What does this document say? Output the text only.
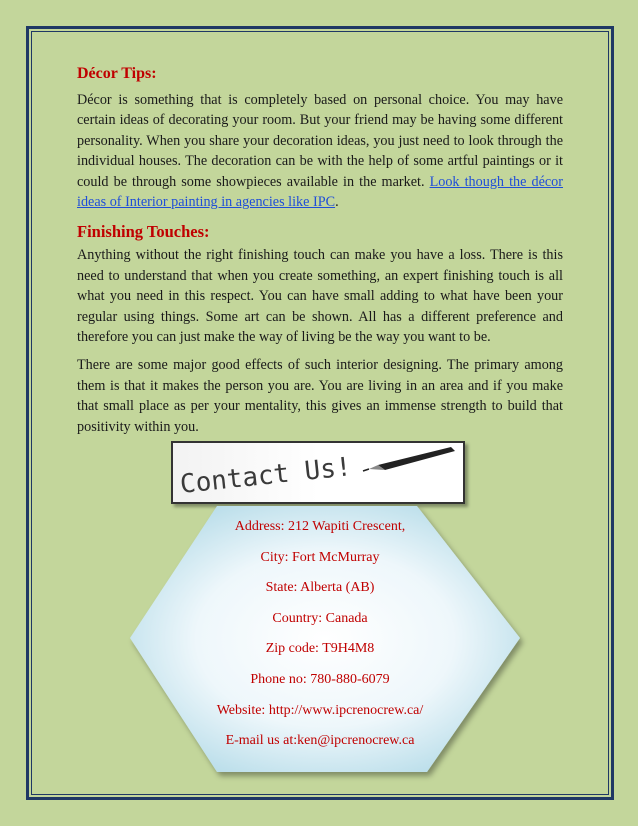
Décor Tips:

Décor is something that is completely based on personal choice. You may have certain ideas of decorating your room. But your friend may be having some different personality. When you share your decoration ideas, you just need to look through the individual houses. The decoration can be with the help of some artful paintings or it could be through some showpieces available in the market. Look though the décor ideas of Interior painting in agencies like IPC.

Finishing Touches:

Anything without the right finishing touch can make you have a loss. There is this need to understand that when you create something, an expert finishing touch is all what you need in this respect. You can have small adding to what have been your regular using things. Some art can be shown. All has a different preference and therefore you can just make the way of living be the way you want to be.

There are some major good effects of such interior designing. The primary among them is that it makes the person you are. You are living in an area and if you make that small place as per your mentality, this gives an immense strength to build that positivity within you.

Contact Us!
Address: 212 Wapiti Crescent,
City: Fort McMurray
State: Alberta (AB)
Country: Canada
Zip code: T9H4M8
Phone no: 780-880-6079
Website: http://www.ipcrenocrew.ca/
E-mail us at:ken@ipcrenocrew.ca
